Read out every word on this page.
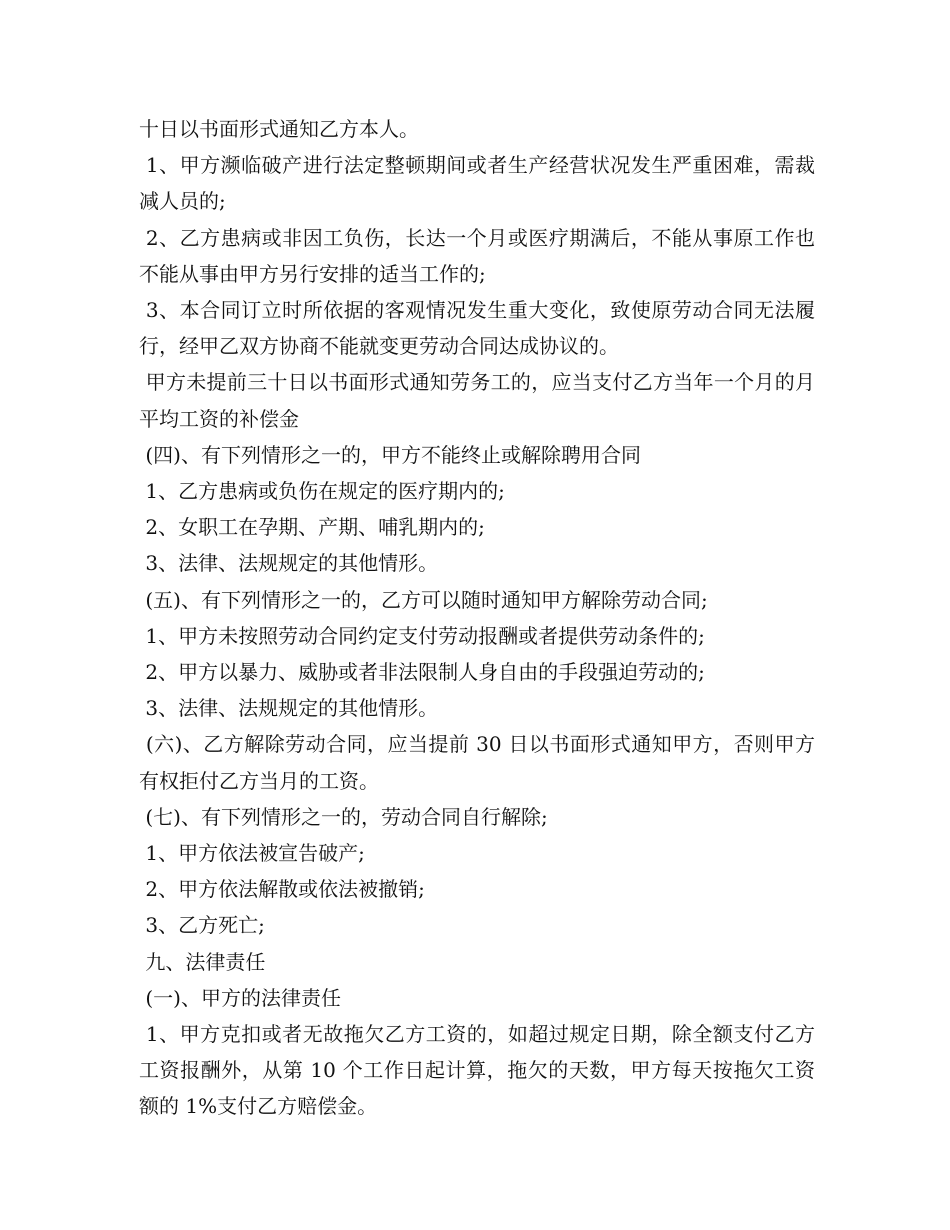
十日以书面形式通知乙方本人。

1、甲方濒临破产进行法定整顿期间或者生产经营状况发生严重困难，需裁减人员的;

2、乙方患病或非因工负伤，长达一个月或医疗期满后，不能从事原工作也不能从事由甲方另行安排的适当工作的;

3、本合同订立时所依据的客观情况发生重大变化，致使原劳动合同无法履行，经甲乙双方协商不能就变更劳动合同达成协议的。

甲方未提前三十日以书面形式通知劳务工的，应当支付乙方当年一个月的月平均工资的补偿金

(四)、有下列情形之一的，甲方不能终止或解除聘用合同

1、乙方患病或负伤在规定的医疗期内的;

2、女职工在孕期、产期、哺乳期内的;

3、法律、法规规定的其他情形。

(五)、有下列情形之一的，乙方可以随时通知甲方解除劳动合同;

1、甲方未按照劳动合同约定支付劳动报酬或者提供劳动条件的;

2、甲方以暴力、威胁或者非法限制人身自由的手段强迫劳动的;

3、法律、法规规定的其他情形。

(六)、乙方解除劳动合同，应当提前 30 日以书面形式通知甲方，否则甲方有权拒付乙方当月的工资。

(七)、有下列情形之一的，劳动合同自行解除;

1、甲方依法被宣告破产;

2、甲方依法解散或依法被撤销;

3、乙方死亡;

九、法律责任

(一)、甲方的法律责任

1、甲方克扣或者无故拖欠乙方工资的，如超过规定日期，除全额支付乙方工资报酬外，从第 10 个工作日起计算，拖欠的天数，甲方每天按拖欠工资额的 1%支付乙方赔偿金。
